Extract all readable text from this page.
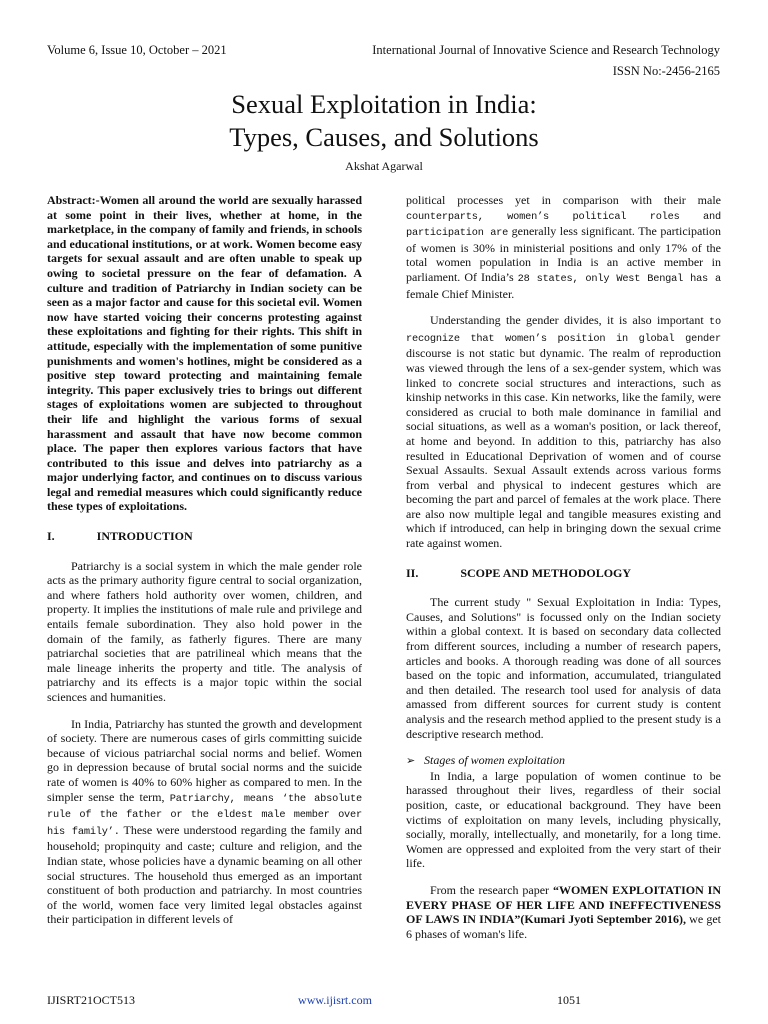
Volume 6, Issue 10, October – 2021	International Journal of Innovative Science and Research Technology
ISSN No:-2456-2165
Sexual Exploitation in India:
Types, Causes, and Solutions
Akshat Agarwal

Abstract:-Women all around the world are sexually harassed at some point in their lives, whether at home, in the marketplace, in the company of family and friends, in schools and educational institutions, or at work. Women become easy targets for sexual assault and are often unable to speak up owing to societal pressure on the fear of defamation. A culture and tradition of Patriarchy in Indian society can be seen as a major factor and cause for this societal evil. Women now have started voicing their concerns protesting against these exploitations and fighting for their rights. This shift in attitude, especially with the implementation of some punitive punishments and women's hotlines, might be considered as a positive step toward protecting and maintaining female integrity. This paper exclusively tries to brings out different stages of exploitations women are subjected to throughout their life and highlight the various forms of sexual harassment and assault that have now become common place. The paper then explores various factors that have contributed to this issue and delves into patriarchy as a major underlying factor, and continues on to discuss various legal and remedial measures which could significantly reduce these types of exploitations.

I.	INTRODUCTION

Patriarchy is a social system in which the male gender role acts as the primary authority figure central to social organization, and where fathers hold authority over women, children, and property. It implies the institutions of male rule and privilege and entails female subordination. They also hold power in the domain of the family, as fatherly figures. There are many patriarchal societies that are patrilineal which means that the male lineage inherits the property and title. The analysis of patriarchy and its effects is a major topic within the social sciences and humanities.

In India, Patriarchy has stunted the growth and development of society. There are numerous cases of girls committing suicide because of vicious patriarchal social norms and belief. Women go in depression because of brutal social norms and the suicide rate of women is 40% to 60% higher as compared to men. In the simpler sense the term, Patriarchy, means ‘the absolute rule of the father or the eldest male member over his family’. These were understood regarding the family and household; propinquity and caste; culture and religion, and the Indian state, whose policies have a dynamic beaming on all other social structures. The household thus emerged as an important constituent of both production and patriarchy. In most countries of the world, women face very limited legal obstacles against their participation in different levels of

political processes yet in comparison with their male counterparts, women’s political roles and participation are generally less significant. The participation of women is 30% in ministerial positions and only 17% of the total women population in India is an active member in parliament. Of India’s 28 states, only West Bengal has a female Chief Minister.

Understanding the gender divides, it is also important to recognize that women’s position in global gender discourse is not static but dynamic. The realm of reproduction was viewed through the lens of a sex-gender system, which was linked to concrete social structures and interactions, such as kinship networks in this case. Kin networks, like the family, were considered as crucial to both male dominance in familial and social situations, as well as a woman's position, or lack thereof, at home and beyond. In addition to this, patriarchy has also resulted in Educational Deprivation of women and of course Sexual Assaults. Sexual Assault extends across various forms from verbal and physical to indecent gestures which are becoming the part and parcel of females at the work place. There are also now multiple legal and tangible measures existing and which if introduced, can help in bringing down the sexual crime rate against women.

II.	SCOPE AND METHODOLOGY

The current study " Sexual Exploitation in India: Types, Causes, and Solutions" is focussed only on the Indian society within a global context. It is based on secondary data collected from different sources, including a number of research papers, articles and books. A thorough reading was done of all sources based on the topic and information, accumulated, triangulated and then detailed. The research tool used for analysis of data amassed from different sources for current study is content analysis and the research method applied to the present study is a descriptive research method.

➢ Stages of women exploitation

In India, a large population of women continue to be harassed throughout their lives, regardless of their social position, caste, or educational background. They have been victims of exploitation on many levels, including physically, socially, morally, intellectually, and monetarily, for a long time. Women are oppressed and exploited from the very start of their life.

From the research paper “WOMEN EXPLOITATION IN EVERY PHASE OF HER LIFE AND INEFFECTIVENESS OF LAWS IN INDIA”(Kumari Jyoti September 2016), we get 6 phases of woman's life.

IJISRT21OCT513	www.ijisrt.com	1051
